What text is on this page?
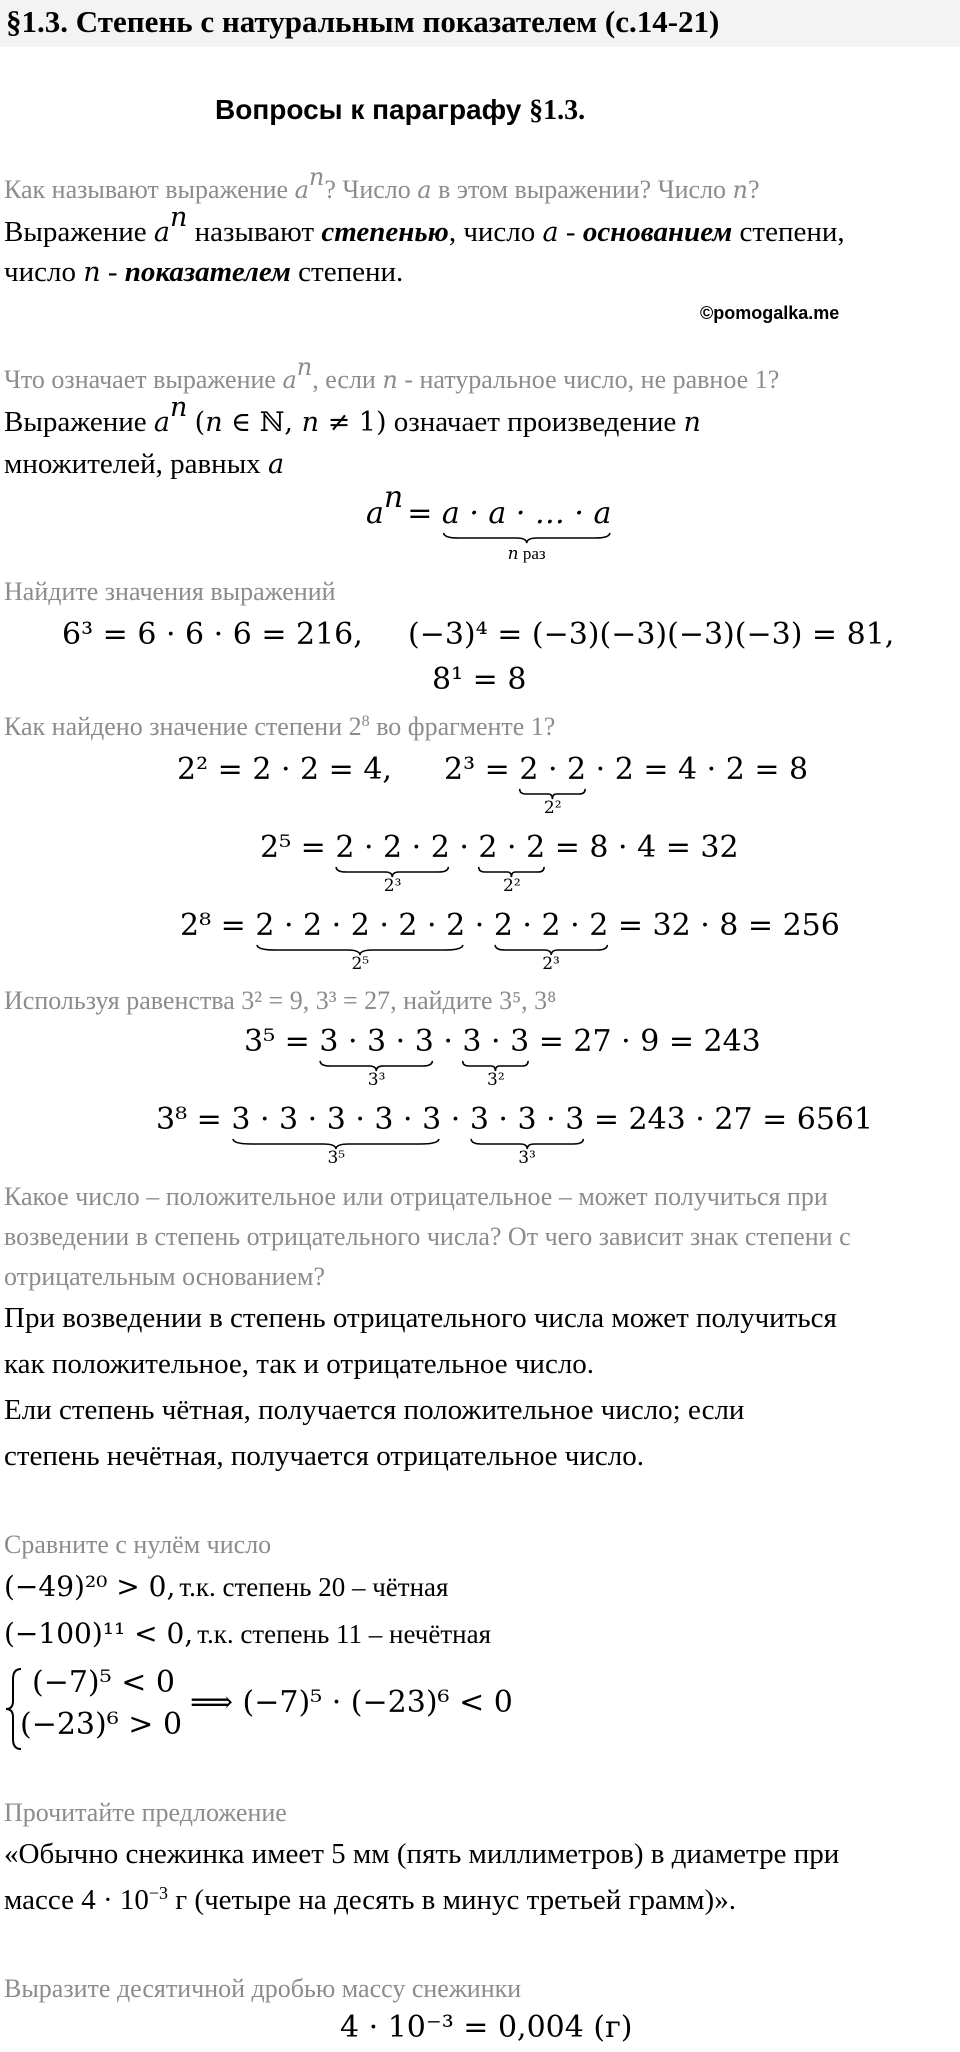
§1.3. Степень с натуральным показателем (с.14-21)
Вопросы к параграфу §1.3.
Как называют выражение $a^n$? Число a в этом выражении? Число n?
Выражение $a^n$ называют степенью, число a - основанием степени,
число n - показателем степени.
©pomogalka.me
Что означает выражение $a^n$, если n - натуральное число, не равное 1?
Выражение $a^n$ (n ∈ ℕ, n ≠ 1) означает произведение n
множителей, равных a
$a^n = a \cdot a$ · … · a
n раз
Найдите значения выражений
6³ = 6 · 6 · 6 = 216, (−3)⁴ = (−3)(−3)(−3)(−3) = 81,
8¹ = 8
Как найдено значение степени $2^8$ во фрагменте 1?
2² = 2 · 2 = 4, 2³ = 2 · 2
2²
· 2 = 4 · 2 = 8
2⁵ = 2 · 2 · 2
2³
· 2 · 2
2²
= 8 · 4 = 32
2⁸ = 2 · 2 · 2 · 2 · 2
2⁵
· 2 · 2 · 2
2³
= 32 · 8 = 256
Используя равенства 3² = 9, 3³ = 27, найдите 3⁵, 3⁸
3⁵ = 3 · 3 · 3
3³
· 3 · 3
3²
= 27 · 9 = 243
3⁸ = 3 · 3 · 3 · 3 · 3
3⁵
· 3 · 3 · 3
3³
= 243 · 27 = 6561
Какое число – положительное или отрицательное – может получиться при
возведении в степень отрицательного числа? От чего зависит знак степени с
отрицательным основанием?
При возведении в степень отрицательного числа может получиться
как положительное, так и отрицательное число.
Ели степень чётная, получается положительное число; если
степень нечётная, получается отрицательное число.
Сравните с нулём число
(−49)²⁰ > 0, т.к. степень 20 – чётная
(−100)¹¹ < 0, т.к. степень 11 – нечётная
(−7)⁵ < 0
(−23)⁶ > 0
⟹ (−7)⁵ · (−23)⁶ < 0
Прочитайте предложение
«Обычно снежинка имеет 5 мм (пять миллиметров) в диаметре при
массе $4 \cdot 10^{-3}$ г (четыре на десять в минус третьей грамм)».
Выразите десятичной дробью массу снежинки
4 · 10⁻³ = 0,004 (г)
